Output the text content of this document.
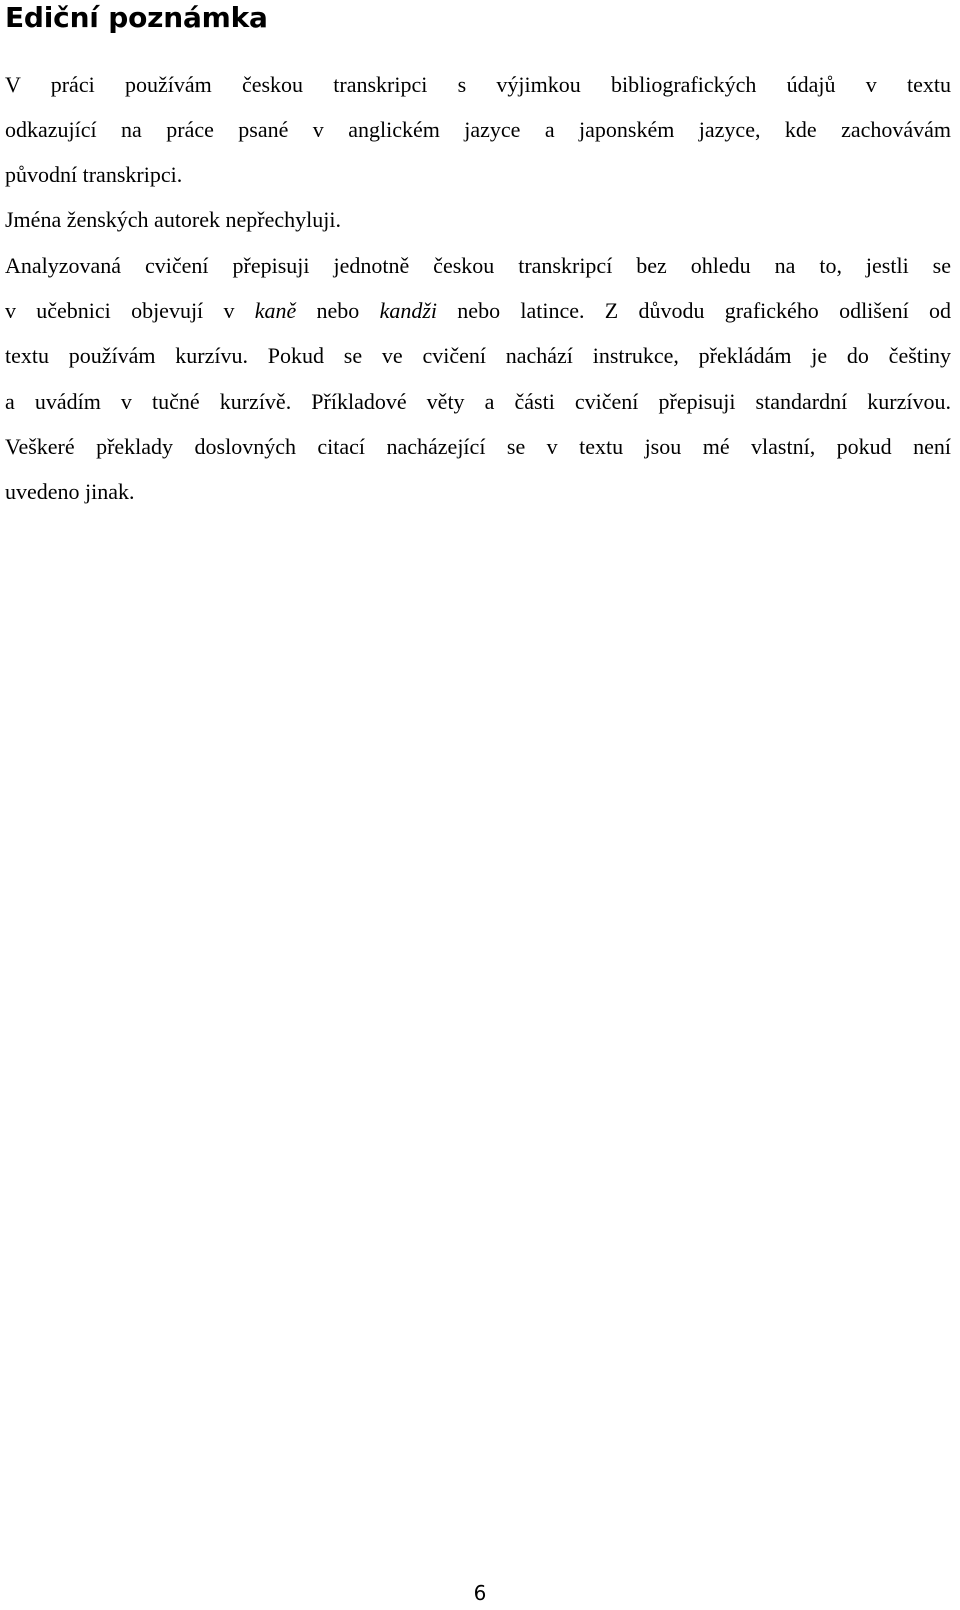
Ediční poznámka
V práci používám českou transkripci s výjimkou bibliografických údajů v textu
odkazující na práce psané v anglickém jazyce a japonském jazyce, kde zachovávám
původní transkripci.
Jména ženských autorek nepřechyluji.
Analyzovaná cvičení přepisuji jednotně českou transkripcí bez ohledu na to, jestli se
v učebnici objevují v kaně nebo kandži nebo latince. Z důvodu grafického odlišení od
textu používám kurzívu. Pokud se ve cvičení nachází instrukce, překládám je do češtiny
a uvádím v tučné kurzívě. Příkladové věty a části cvičení přepisuji standardní kurzívou.
Veškeré překlady doslovných citací nacházející se v textu jsou mé vlastní, pokud není
uvedeno jinak.
6
